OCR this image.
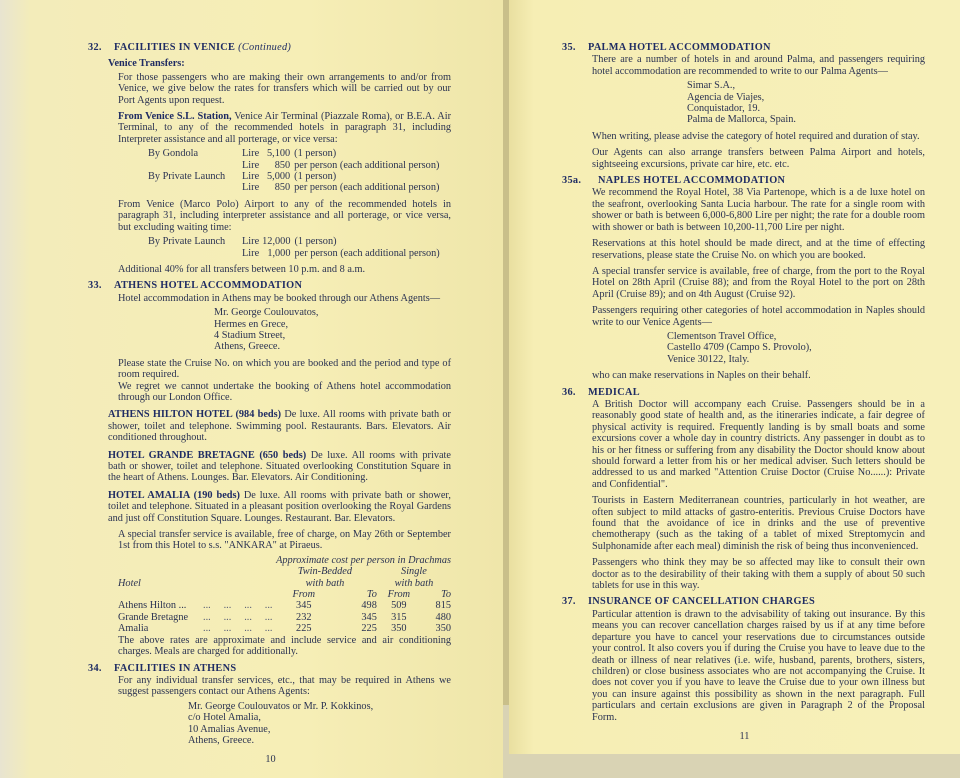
32. FACILITIES IN VENICE (Continued)
Venice Transfers:

For those passengers who are making their own arrangements to and/or from Venice, we give below the rates for transfers which will be carried out by our Port Agents upon request.

From Venice S.L. Station, Venice Air Terminal (Piazzale Roma), or B.E.A. Air Terminal, to any of the recommended hotels in paragraph 31, including Interpreter assistance and all porterage, or vice versa:

By Gondola	Lire	5,100	(1 person)
	Lire	850	per person (each additional person)
By Private Launch	Lire	5,000	(1 person)
	Lire	850	per person (each additional person)

From Venice (Marco Polo) Airport to any of the recommended hotels in paragraph 31, including interpreter assistance and all porterage, or vice versa, but excluding waiting time:

By Private Launch	Lire	12,000	(1 person)
	Lire	1,000	per person (each additional person)

Additional 40% for all transfers between 10 p.m. and 8 a.m.

33. ATHENS HOTEL ACCOMMODATION

Hotel accommodation in Athens may be booked through our Athens Agents—

Mr. George Coulouvatos,
Hermes en Grece,
4 Stadium Street,
Athens, Greece.

Please state the Cruise No. on which you are booked and the period and type of room required.

We regret we cannot undertake the booking of Athens hotel accommodation through our London Office.

ATHENS HILTON HOTEL (984 beds) De luxe. All rooms with private bath or shower, toilet and telephone. Swimming pool. Restaurants. Bars. Elevators. Air conditioned throughout.

HOTEL GRANDE BRETAGNE (650 beds) De luxe. All rooms with private bath or shower, toilet and telephone. Situated overlooking Constitution Square in the heart of Athens. Lounges. Bar. Elevators. Air Conditioning.

HOTEL AMALIA (190 beds) De luxe. All rooms with private bath or shower, toilet and telephone. Situated in a pleasant position overlooking the Royal Gardens and just off Constitution Square. Lounges. Restaurant. Bar. Elevators.

A special transfer service is available, free of charge, on May 26th or September 1st from this Hotel to s.s. "ANKARA" at Piraeus.

		Approximate cost per person in Drachmas			
		Twin-Bedded		Single	
Hotel		with bath		with bath	
		From	To	From	To
Athens Hilton ...	...     ...     ...     ...	345	498	509	815
Grande Bretagne	...     ...     ...     ...	232	345	315	480
Amalia	...     ...     ...     ...	225	225	350	350

The above rates are approximate and include service and air conditioning charges. Meals are charged for additionally.

34. FACILITIES IN ATHENS

For any individual transfer services, etc., that may be required in Athens we suggest passengers contact our Athens Agents:

Mr. George Coulouvatos or Mr. P. Kokkinos,
c/o Hotel Amalia,
10 Amalias Avenue,
Athens, Greece.
10
35. PALMA HOTEL ACCOMMODATION

There are a number of hotels in and around Palma, and passengers requiring hotel accommodation are recommended to write to our Palma Agents—

Simar S.A.,
Agencia de Viajes,
Conquistador, 19.
Palma de Mallorca, Spain.

When writing, please advise the category of hotel required and duration of stay.

Our Agents can also arrange transfers between Palma Airport and hotels, sightseeing excursions, private car hire, etc. etc.

35a. NAPLES HOTEL ACCOMMODATION

We recommend the Royal Hotel, 38 Via Partenope, which is a de luxe hotel on the seafront, overlooking Santa Lucia harbour. The rate for a single room with shower or bath is between 6,000-6,800 Lire per night; the rate for a double room with shower or bath is between 10,200-11,700 Lire per night.

Reservations at this hotel should be made direct, and at the time of effecting reservations, please state the Cruise No. on which you are booked.

A special transfer service is available, free of charge, from the port to the Royal Hotel on 28th April (Cruise 88); and from the Royal Hotel to the port on 28th April (Cruise 89); and on 4th August (Cruise 92).

Passengers requiring other categories of hotel accommodation in Naples should write to our Venice Agents—

Clementson Travel Office,
Castello 4709 (Campo S. Provolo),
Venice 30122, Italy.

who can make reservations in Naples on their behalf.

36. MEDICAL

A British Doctor will accompany each Cruise. Passengers should be in a reasonably good state of health and, as the itineraries indicate, a fair degree of physical activity is required. Frequently landing is by small boats and some excursions cover a whole day in country districts. Any passenger in doubt as to his or her fitness or suffering from any disability the Doctor should know about should forward a letter from his or her medical adviser. Such letters should be addressed to us and marked "Attention Cruise Doctor (Cruise No......): Private and Confidential".

Tourists in Eastern Mediterranean countries, particularly in hot weather, are often subject to mild attacks of gastro-enteritis. Previous Cruise Doctors have found that the avoidance of ice in drinks and the use of preventive chemotherapy (such as the taking of a tablet of mixed Streptomycin and Sulphonamide after each meal) diminish the risk of being thus inconvenienced.

Passengers who think they may be so affected may like to consult their own doctor as to the desirability of their taking with them a supply of about 50 such tablets for use in this way.

37. INSURANCE OF CANCELLATION CHARGES

Particular attention is drawn to the advisability of taking out insurance. By this means you can recover cancellation charges raised by us if at any time before departure you have to cancel your reservations due to circumstances outside your control. It also covers you if during the Cruise you have to leave due to the death or illness of near relatives (i.e. wife, husband, parents, brothers, sisters, children) or close business associates who are not accompanying the Cruise. It does not cover you if you have to leave the Cruise due to your own illness but you can insure against this possibility as shown in the next paragraph. Full particulars and certain exclusions are given in Paragraph 2 of the Proposal Form.

11
